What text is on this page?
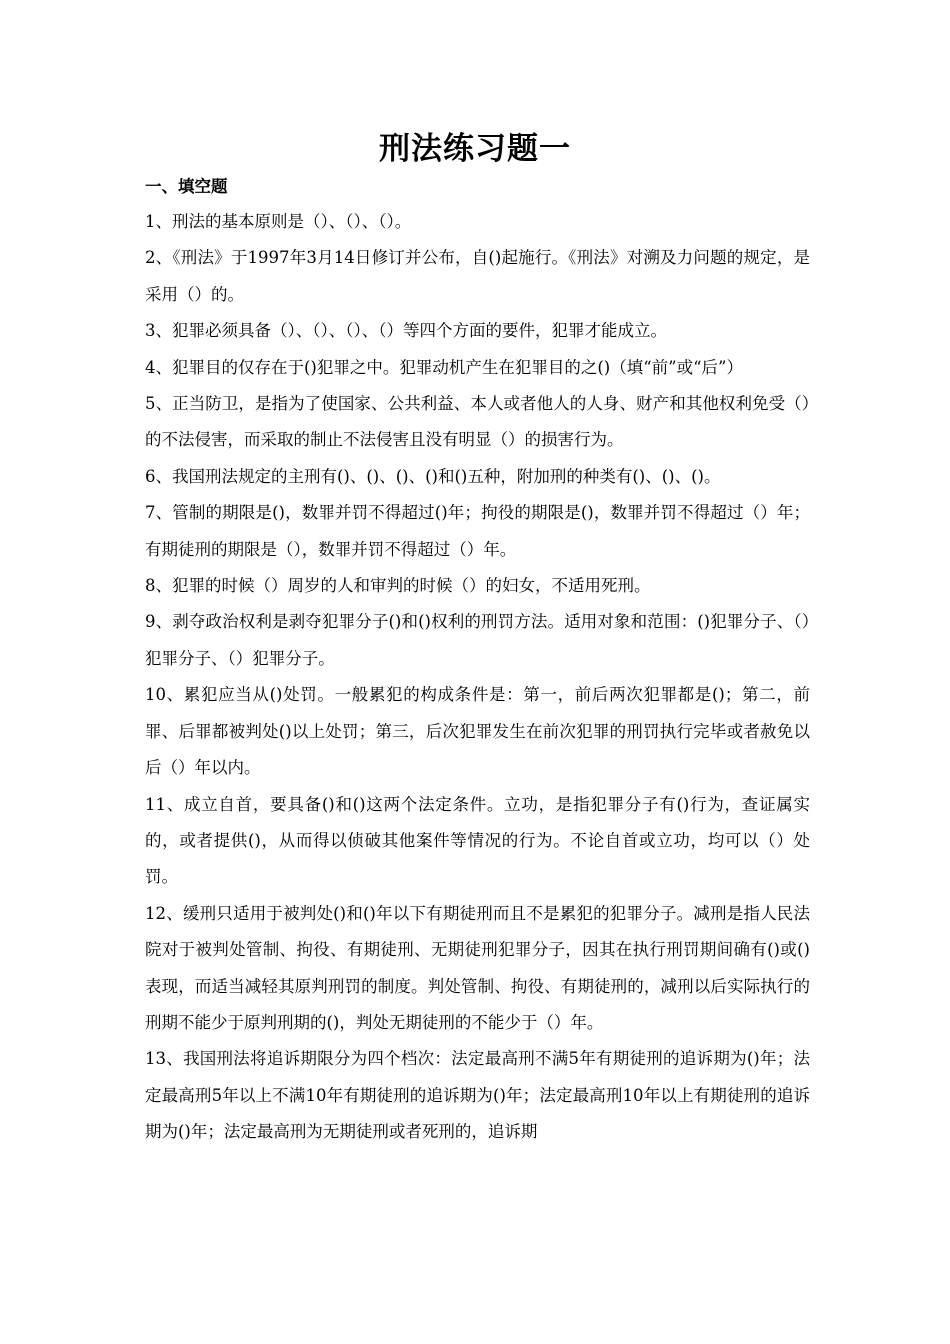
刑法练习题一

一、填空题

1、刑法的基本原则是（）、（）、（）。

2、《刑法》于1997年3月14日修订并公布，自()起施行。《刑法》对溯及力问题的规定，是采用（）的。

3、犯罪必须具备（）、（）、（）、（）等四个方面的要件，犯罪才能成立。

4、犯罪目的仅存在于()犯罪之中。犯罪动机产生在犯罪目的之()（填“前”或“后”）

5、正当防卫，是指为了使国家、公共利益、本人或者他人的人身、财产和其他权利免受（）的不法侵害，而采取的制止不法侵害且没有明显（）的损害行为。

6、我国刑法规定的主刑有()、()、()、()和()五种，附加刑的种类有()、()、()。

7、管制的期限是()，数罪并罚不得超过()年；拘役的期限是()，数罪并罚不得超过（）年；有期徒刑的期限是（），数罪并罚不得超过（）年。

8、犯罪的时候（）周岁的人和审判的时候（）的妇女，不适用死刑。

9、剥夺政治权利是剥夺犯罪分子()和()权利的刑罚方法。适用对象和范围：()犯罪分子、（）犯罪分子、（）犯罪分子。

10、累犯应当从()处罚。一般累犯的构成条件是：第一，前后两次犯罪都是()；第二，前罪、后罪都被判处()以上处罚；第三，后次犯罪发生在前次犯罪的刑罚执行完毕或者赦免以后（）年以内。

11、成立自首，要具备()和()这两个法定条件。立功，是指犯罪分子有()行为，查证属实的，或者提供()，从而得以侦破其他案件等情况的行为。不论自首或立功，均可以（）处罚。

12、缓刑只适用于被判处()和()年以下有期徒刑而且不是累犯的犯罪分子。减刑是指人民法院对于被判处管制、拘役、有期徒刑、无期徒刑犯罪分子，因其在执行刑罚期间确有()或()表现，而适当减轻其原判刑罚的制度。判处管制、拘役、有期徒刑的，减刑以后实际执行的刑期不能少于原判刑期的()，判处无期徒刑的不能少于（）年。

13、我国刑法将追诉期限分为四个档次：法定最高刑不满5年有期徒刑的追诉期为()年；法定最高刑5年以上不满10年有期徒刑的追诉期为()年；法定最高刑10年以上有期徒刑的追诉期为()年；法定最高刑为无期徒刑或者死刑的，追诉期
